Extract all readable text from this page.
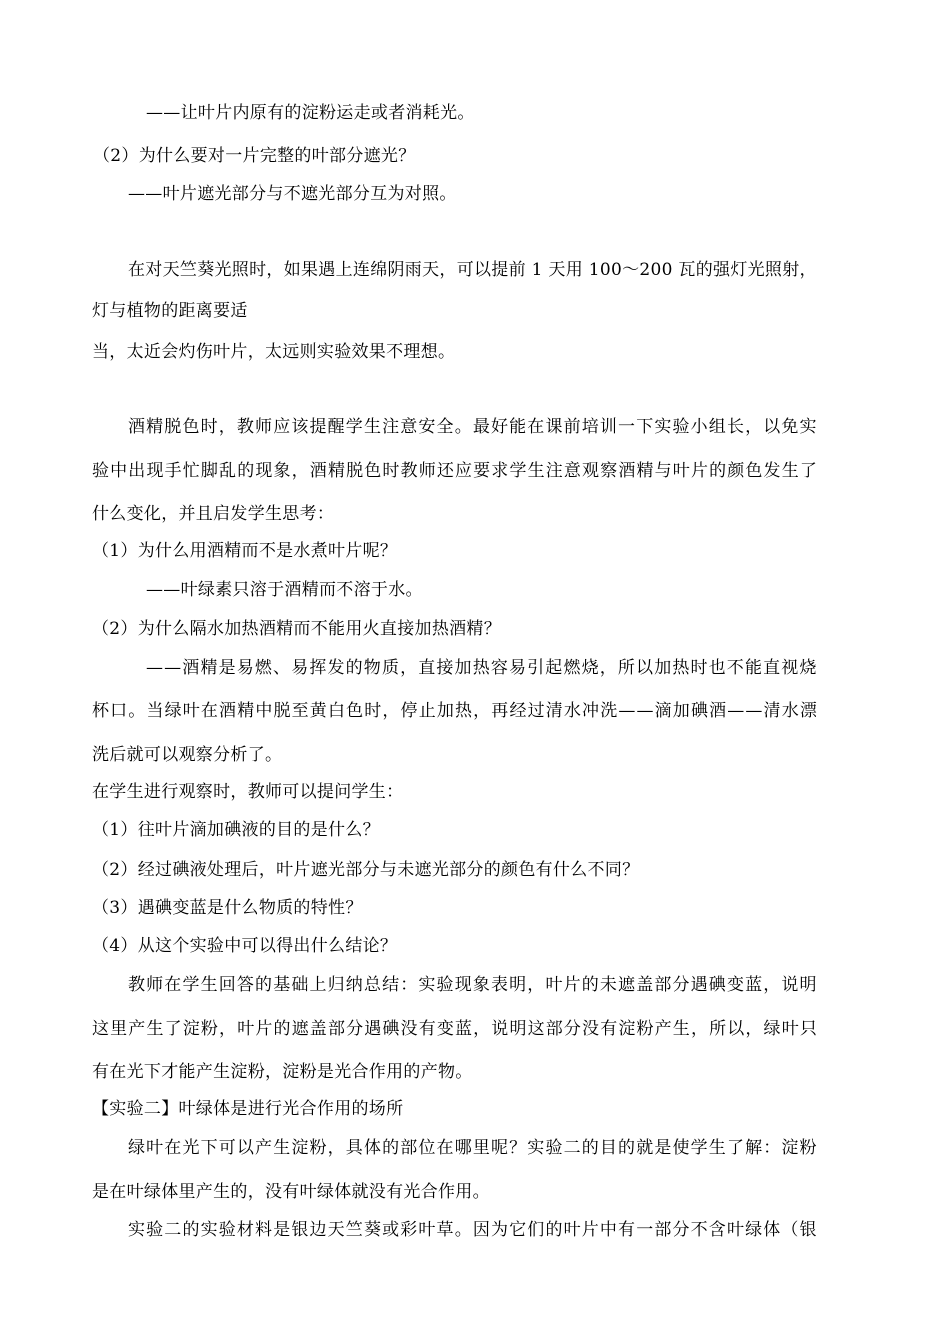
——让叶片内原有的淀粉运走或者消耗光。
（2）为什么要对一片完整的叶部分遮光？
——叶片遮光部分与不遮光部分互为对照。
在对天竺葵光照时，如果遇上连绵阴雨天，可以提前 1 天用 100～200 瓦的强灯光照射，
灯与植物的距离要适
当，太近会灼伤叶片，太远则实验效果不理想。
酒精脱色时，教师应该提醒学生注意安全。最好能在课前培训一下实验小组长，以免实
验中出现手忙脚乱的现象，酒精脱色时教师还应要求学生注意观察酒精与叶片的颜色发生了
什么变化，并且启发学生思考：
（1）为什么用酒精而不是水煮叶片呢？
——叶绿素只溶于酒精而不溶于水。
（2）为什么隔水加热酒精而不能用火直接加热酒精？
——酒精是易燃、易挥发的物质，直接加热容易引起燃烧，所以加热时也不能直视烧
杯口。当绿叶在酒精中脱至黄白色时，停止加热，再经过清水冲洗——滴加碘酒——清水漂
洗后就可以观察分析了。
在学生进行观察时，教师可以提问学生：
（1）往叶片滴加碘液的目的是什么？
（2）经过碘液处理后，叶片遮光部分与未遮光部分的颜色有什么不同？
（3）遇碘变蓝是什么物质的特性？
（4）从这个实验中可以得出什么结论？
教师在学生回答的基础上归纳总结：实验现象表明，叶片的未遮盖部分遇碘变蓝，说明
这里产生了淀粉，叶片的遮盖部分遇碘没有变蓝，说明这部分没有淀粉产生，所以，绿叶只
有在光下才能产生淀粉，淀粉是光合作用的产物。
【实验二】叶绿体是进行光合作用的场所
绿叶在光下可以产生淀粉，具体的部位在哪里呢？实验二的目的就是使学生了解：淀粉
是在叶绿体里产生的，没有叶绿体就没有光合作用。
实验二的实验材料是银边天竺葵或彩叶草。因为它们的叶片中有一部分不含叶绿体（银
